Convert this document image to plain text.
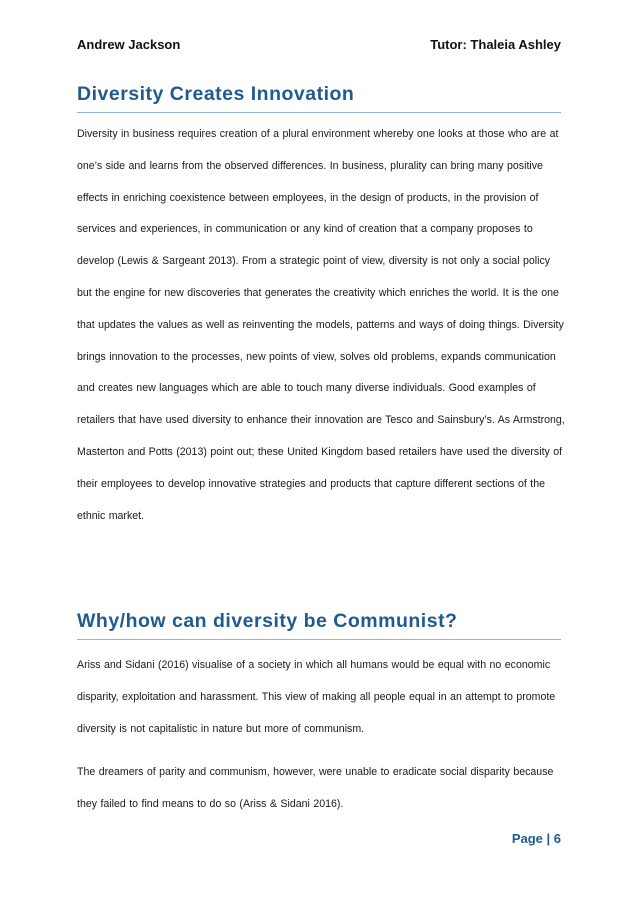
Andrew Jackson	Tutor: Thaleia Ashley
Diversity Creates Innovation

Diversity in business requires creation of a plural environment whereby one looks at those who are at one’s side and learns from the observed differences. In business, plurality can bring many positive effects in enriching coexistence between employees, in the design of products, in the provision of services and experiences, in communication or any kind of creation that a company proposes to develop (Lewis & Sargeant 2013). From a strategic point of view, diversity is not only a social policy but the engine for new discoveries that generates the creativity which enriches the world. It is the one that updates the values as well as reinventing the models, patterns and ways of doing things. Diversity brings innovation to the processes, new points of view, solves old problems, expands communication and creates new languages which are able to touch many diverse individuals. Good examples of retailers that have used diversity to enhance their innovation are Tesco and Sainsbury’s. As Armstrong, Masterton and Potts (2013) point out; these United Kingdom based retailers have used the diversity of their employees to develop innovative strategies and products that capture different sections of the ethnic market.

Why/how can diversity be Communist?

Ariss and Sidani (2016) visualise of a society in which all humans would be equal with no economic disparity, exploitation and harassment. This view of making all people equal in an attempt to promote diversity is not capitalistic in nature but more of communism.

The dreamers of parity and communism, however, were unable to eradicate social disparity because they failed to find means to do so (Ariss & Sidani 2016).

Page | 6
